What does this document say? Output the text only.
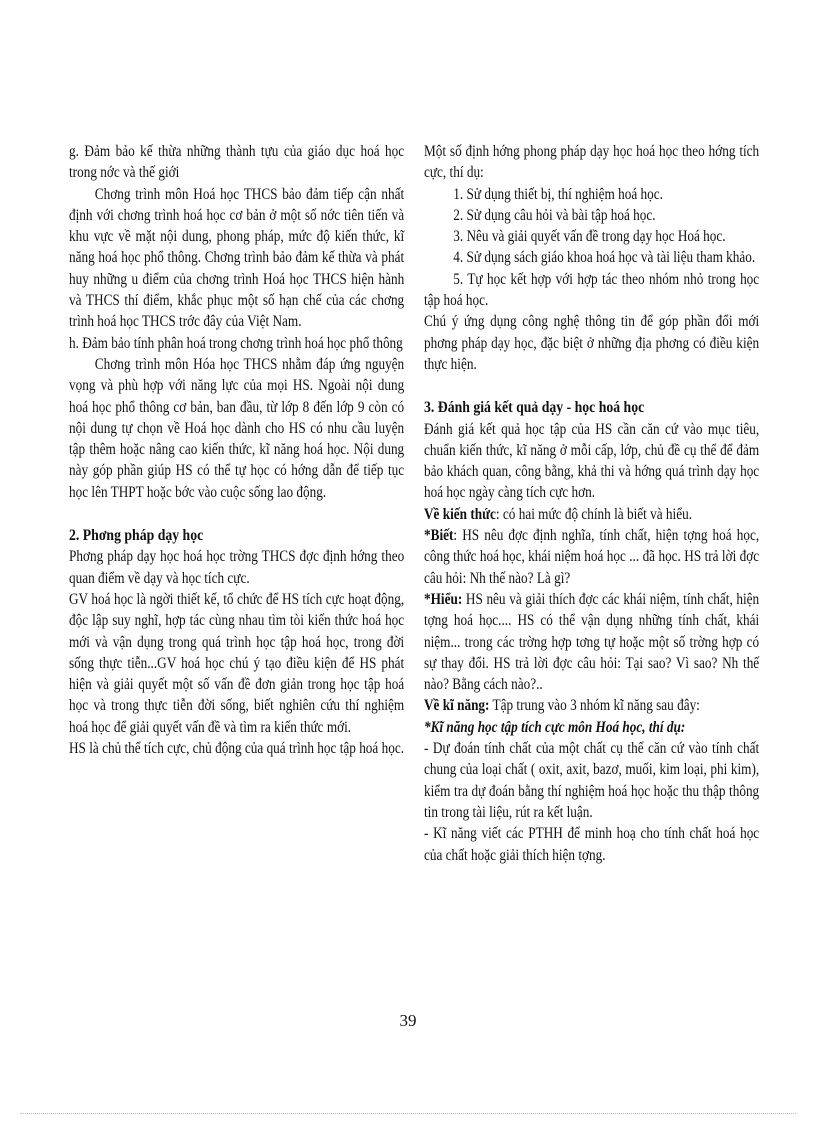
g. Đảm bảo kế thừa những thành tựu của giáo dục hoá học trong nớc và thế giới

Chơng trình môn Hoá học THCS bảo đảm tiếp cận nhất định với chơng trình hoá học cơ bản ở một số nớc tiên tiến và khu vực về mặt nội dung, phong pháp, mức độ kiến thức, kĩ năng hoá học phổ thông. Chơng trình bảo đảm kế thừa và phát huy những u điểm của chơng trình Hoá học THCS hiện hành và THCS thí điểm, khắc phục một số hạn chế của các chơng trình hoá học THCS trớc đây của Việt Nam.

h. Đảm bảo tính phân hoá trong chơng trình hoá học phổ thông

Chơng trình môn Hóa học THCS nhằm đáp ứng nguyện vọng và phù hợp với năng lực của mọi HS. Ngoài nội dung hoá học phổ thông cơ bản, ban đầu, từ lớp 8 đến lớp 9 còn có nội dung tự chọn về Hoá học dành cho HS có nhu cầu luyện tập thêm hoặc nâng cao kiến thức, kĩ năng hoá học. Nội dung này góp phần giúp HS có thể tự học có hớng dẫn để tiếp tục học lên THPT hoặc bớc vào cuộc sống lao động.

2. Phơng pháp dạy học

Phơng pháp dạy học hoá học trờng THCS đợc định hớng theo quan điểm về dạy và học tích cực.

GV hoá học là ngời thiết kế, tổ chức để HS tích cực hoạt động, độc lập suy nghĩ, hợp tác cùng nhau tìm tòi kiến thức hoá học mới và vận dụng trong quá trình học tập hoá học, trong đời sống thực tiễn...GV hoá học chú ý tạo điều kiện để HS phát hiện và giải quyết một số vấn đề đơn giản trong học tập hoá học và trong thực tiễn đời sống, biết nghiên cứu thí nghiệm hoá học để giải quyết vấn đề và tìm ra kiến thức mới.

HS là chủ thể tích cực, chủ động của quá trình học tập hoá học.

Một số định hớng phong pháp dạy học hoá học theo hớng tích cực, thí dụ:

1. Sử dụng thiết bị, thí nghiệm hoá học.

2. Sử dụng câu hỏi và bài tập hoá học.

3. Nêu và giải quyết vấn đề trong dạy học Hoá học.

4. Sử dụng sách giáo khoa hoá học và tài liệu tham khảo.

5. Tự học kết hợp với hợp tác theo nhóm nhỏ trong học tập hoá học.

Chú ý ứng dụng công nghệ thông tin để góp phần đổi mới phơng pháp dạy học, đặc biệt ở những địa phơng có điều kiện thực hiện.

3. Đánh giá kết quả dạy - học hoá học

Đánh giá kết quả học tập của HS cần căn cứ vào mục tiêu, chuẩn kiến thức, kĩ năng ở mỗi cấp, lớp, chủ đề cụ thể để đảm bảo khách quan, công bằng, khả thi và hớng quá trình dạy học hoá học ngày càng tích cực hơn.

Về kiến thức: có hai mức độ chính là biết và hiểu.

*Biết: HS nêu đợc định nghĩa, tính chất, hiện tợng hoá học, công thức hoá học, khái niệm hoá học ... đã học. HS trả lời đợc câu hỏi: Nh thế nào? Là gì?

*Hiểu: HS nêu và giải thích đợc các khái niệm, tính chất, hiện tợng hoá học.... HS có thể vận dụng những tính chất, khái niệm... trong các trờng hợp tơng tự hoặc một số trờng hợp có sự thay đổi. HS trả lời đợc câu hỏi: Tại sao? Vì sao? Nh thế nào? Bằng cách nào?..

Về kĩ năng: Tập trung vào 3 nhóm kĩ năng sau đây:

*Kĩ năng học tập tích cực môn Hoá học, thí dụ:

- Dự đoán tính chất của một chất cụ thể căn cứ vào tính chất chung của loại chất ( oxit, axit, bazơ, muối, kim loại, phi kim), kiểm tra dự đoán bằng thí nghiệm hoá học hoặc thu thập thông tin trong tài liệu, rút ra kết luận.

- Kĩ năng viết các PTHH để minh hoạ cho tính chất hoá học của chất hoặc giải thích hiện tợng.

39
